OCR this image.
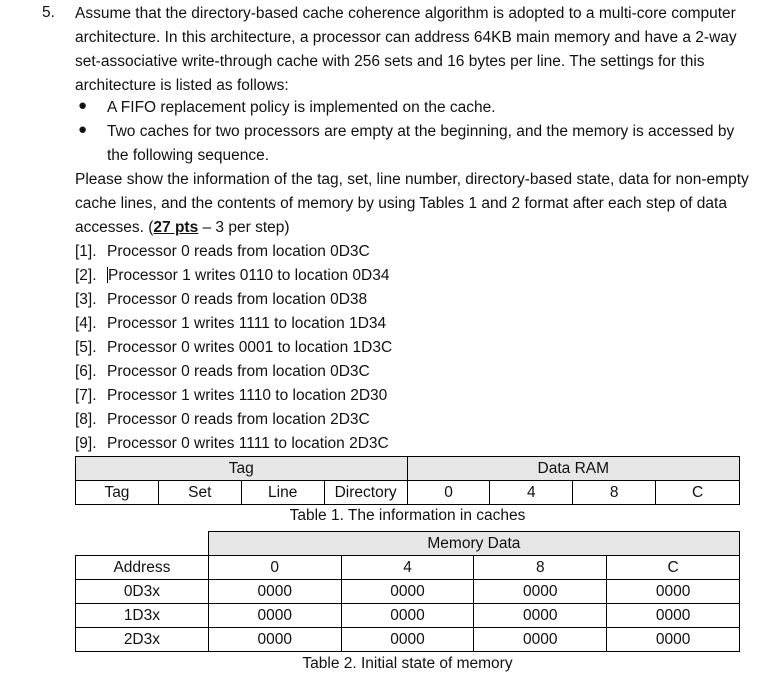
5. Assume that the directory-based cache coherence algorithm is adopted to a multi-core computer architecture. In this architecture, a processor can address 64KB main memory and have a 2-way set-associative write-through cache with 256 sets and 16 bytes per line. The settings for this architecture is listed as follows:
● A FIFO replacement policy is implemented on the cache.
● Two caches for two processors are empty at the beginning, and the memory is accessed by the following sequence.
Please show the information of the tag, set, line number, directory-based state, data for non-empty cache lines, and the contents of memory by using Tables 1 and 2 format after each step of data accesses. (27 pts – 3 per step)
[1]. Processor 0 reads from location 0D3C
[2]. Processor 1 writes 0110 to location 0D34
[3]. Processor 0 reads from location 0D38
[4]. Processor 1 writes 1111 to location 1D34
[5]. Processor 0 writes 0001 to location 1D3C
[6]. Processor 0 reads from location 0D3C
[7]. Processor 1 writes 1110 to location 2D30
[8]. Processor 0 reads from location 2D3C
[9]. Processor 0 writes 1111 to location 2D3C
Tag				Data RAM			
Tag	Set	Line	Directory	0	4	8	C
Table 1. The information in caches
	Memory Data			
Address	0	4	8	C
0D3x	0000	0000	0000	0000
1D3x	0000	0000	0000	0000
2D3x	0000	0000	0000	0000
Table 2. Initial state of memory
